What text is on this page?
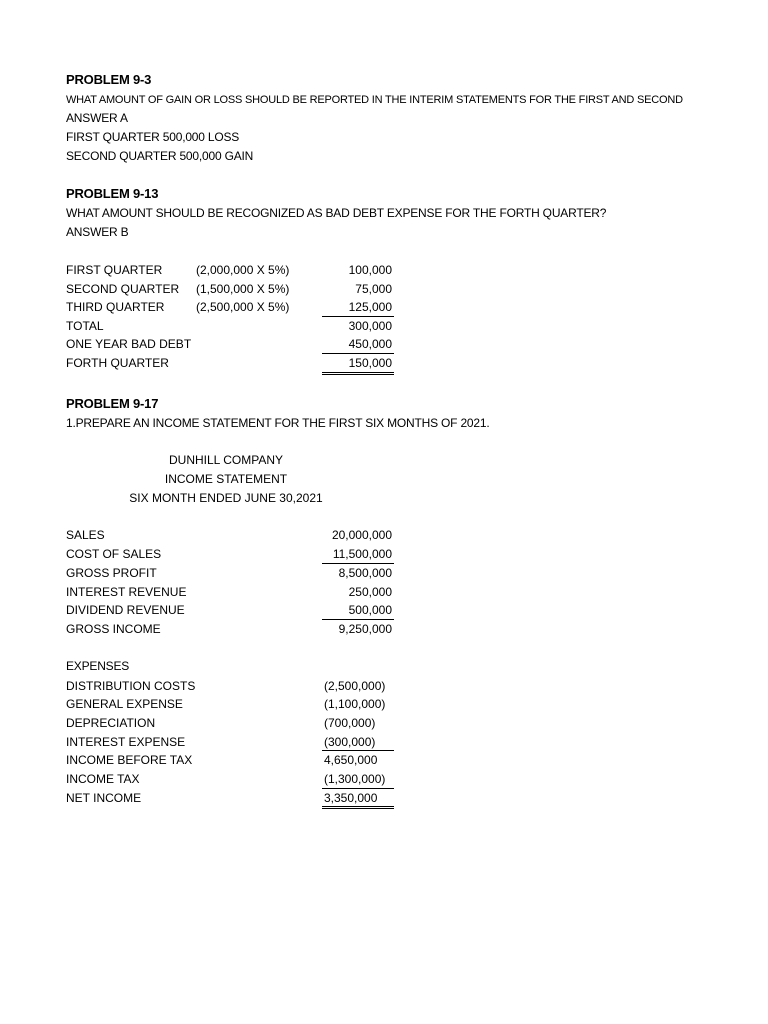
PROBLEM 9-3
WHAT AMOUNT OF GAIN OR LOSS SHOULD BE REPORTED IN THE INTERIM STATEMENTS FOR THE FIRST AND SECOND
ANSWER A
FIRST QUARTER 500,000 LOSS
SECOND QUARTER 500,000 GAIN
PROBLEM 9-13
WHAT AMOUNT SHOULD BE RECOGNIZED AS BAD DEBT EXPENSE FOR THE FORTH QUARTER?
ANSWER B
FIRST QUARTER	(2,000,000 X 5%)	100,000
SECOND QUARTER (1,500,000 X 5%)	75,000
THIRD QUARTER	(2,500,000 X 5%)	125,000
TOTAL	300,000
ONE YEAR BAD DEBT	450,000
FORTH QUARTER	150,000
PROBLEM 9-17
1.PREPARE AN INCOME STATEMENT FOR THE FIRST SIX MONTHS OF 2021.
DUNHILL COMPANY
INCOME STATEMENT
SIX MONTH ENDED JUNE 30,2021
SALES	20,000,000
COST OF SALES	11,500,000
GROSS PROFIT	8,500,000
INTEREST REVENUE	250,000
DIVIDEND REVENUE	500,000
GROSS INCOME	9,250,000
EXPENSES
DISTRIBUTION COSTS	(2,500,000)
GENERAL EXPENSE	(1,100,000)
DEPRECIATION	(700,000)
INTEREST EXPENSE	(300,000)
INCOME BEFORE TAX	4,650,000
INCOME TAX	(1,300,000)
NET INCOME	3,350,000
